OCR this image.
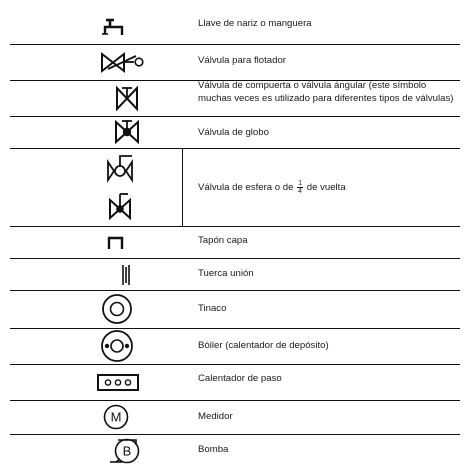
Llave de nariz o manguera
Válvula para flotador
Válvula de compuerta o válvula ángular (este símbolo muchas veces es utilizado para diferentes tipos de válvulas)
Válvula de globo
Válvula de esfera o de $\frac{1}{4}$ de vuelta
Tapón capa
Tuerca unión
Tinaco
Bóiler (calentador de depósito)
Calentador de paso
M	Medidor
B	Bomba
